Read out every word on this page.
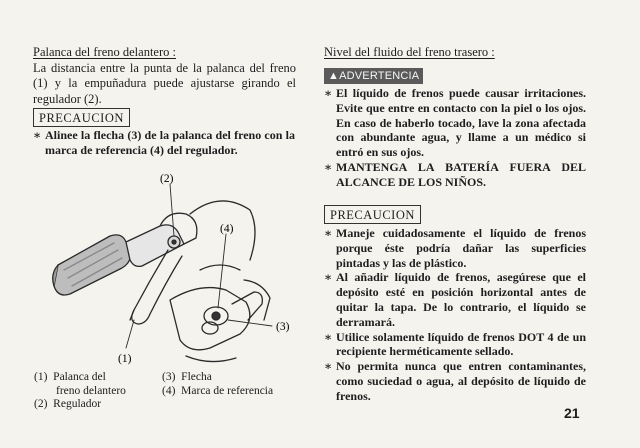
Palanca del freno delantero :
La distancia entre la punta de la palanca del freno (1) y la empuñadura puede ajustarse girando el regulador (2).
PRECAUCION
∗ Alinee la flecha (3) de la palanca del freno con la marca de referencia (4) del regulador.
(2)
(4)
(3)
(1)
(1) Palanca del
freno delantero
(2) Regulador
(3) Flecha
(4) Marca de referencia
Nivel del fluido del freno trasero :
▲ADVERTENCIA
∗ El líquido de frenos puede causar irritaciones. Evite que entre en contacto con la piel o los ojos. En caso de haberlo tocado, lave la zona afectada con abundante agua, y llame a un médico si entró en sus ojos.
∗ MANTENGA LA BATERÍA FUERA DEL ALCANCE DE LOS NIÑOS.
PRECAUCION
∗ Maneje cuidadosamente el líquido de frenos porque éste podría dañar las superficies pintadas y las de plástico.
∗ Al añadir líquido de frenos, asegúrese que el depósito esté en posición horizontal antes de quitar la tapa. De lo contrario, el líquido se derramará.
∗ Utilice solamente líquido de frenos DOT 4 de un recipiente herméticamente sellado.
∗ No permita nunca que entren contaminantes, como suciedad o agua, al depósito de líquido de frenos.
21
